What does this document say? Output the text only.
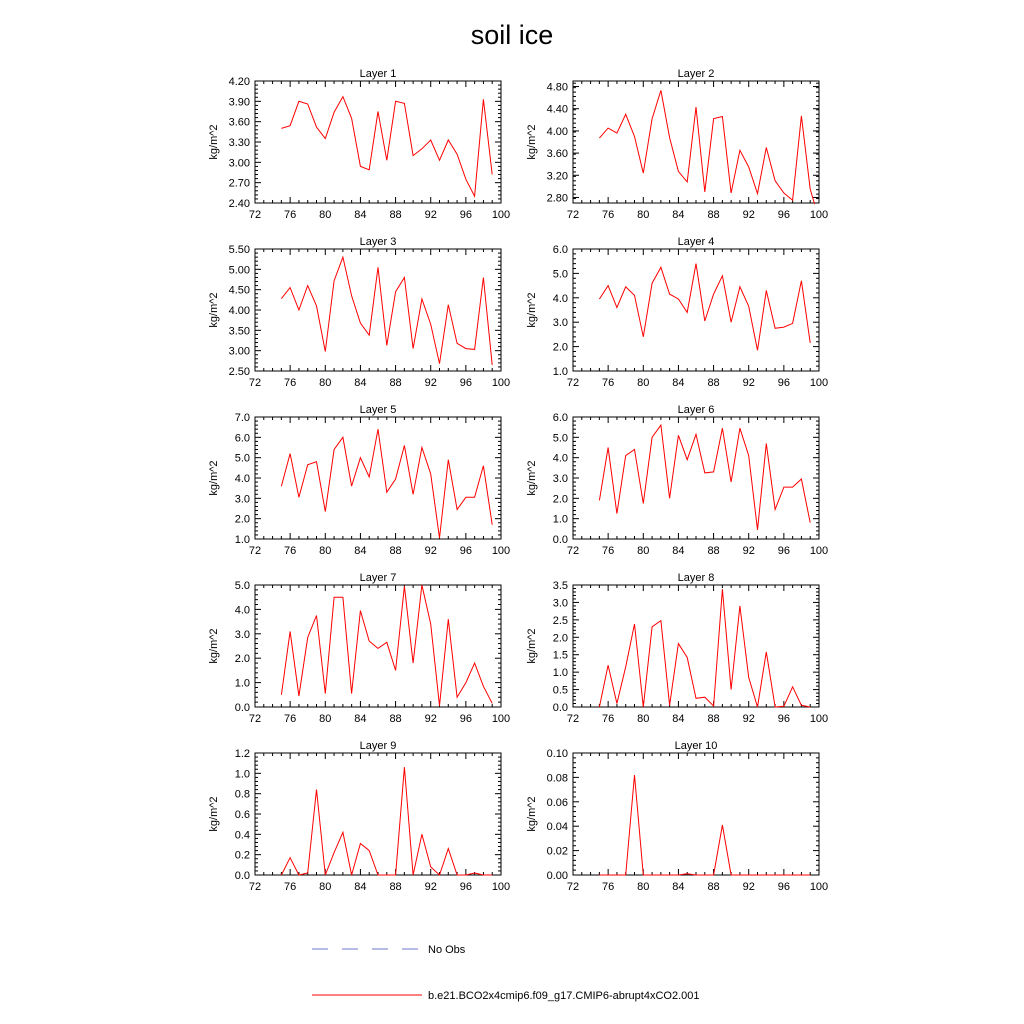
soil ice
Layer 1
kg/m^2
72 76 80 84 88 92 96 100
2.40
2.70
3.00
3.30
3.60
3.90
4.20
Layer 2
kg/m^2
72 76 80 84 88 92 96 100
2.80
3.20
3.60
4.00
4.40
4.80
Layer 3
kg/m^2
72 76 80 84 88 92 96 100
2.50
3.00
3.50
4.00
4.50
5.00
5.50
Layer 4
kg/m^2
72 76 80 84 88 92 96 100
1.0
2.0
3.0
4.0
5.0
6.0
Layer 5
kg/m^2
72 76 80 84 88 92 96 100
1.0
2.0
3.0
4.0
5.0
6.0
7.0
Layer 6
kg/m^2
72 76 80 84 88 92 96 100
0.0
1.0
2.0
3.0
4.0
5.0
6.0
Layer 7
kg/m^2
72 76 80 84 88 92 96 100
0.0
1.0
2.0
3.0
4.0
5.0
Layer 8
kg/m^2
72 76 80 84 88 92 96 100
0.0
0.5
1.0
1.5
2.0
2.5
3.0
3.5
Layer 9
kg/m^2
72 76 80 84 88 92 96 100
0.0
0.2
0.4
0.6
0.8
1.0
1.2
Layer 10
kg/m^2
72 76 80 84 88 92 96 100
0.00
0.02
0.04
0.06
0.08
0.10
No Obs
b.e21.BCO2x4cmip6.f09_g17.CMIP6-abrupt4xCO2.001
